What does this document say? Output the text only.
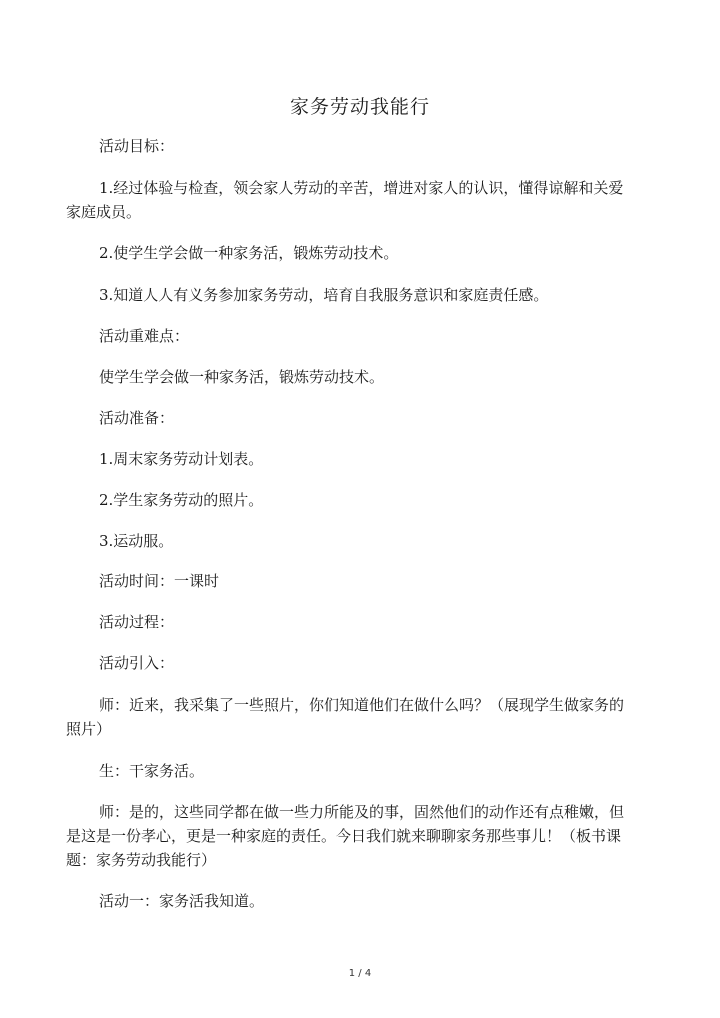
家务劳动我能行
活动目标：
1.经过体验与检查，领会家人劳动的辛苦，增进对家人的认识，懂得谅解和关爱家庭成员。
2.使学生学会做一种家务活，锻炼劳动技术。
3.知道人人有义务参加家务劳动，培育自我服务意识和家庭责任感。
活动重难点：
使学生学会做一种家务活，锻炼劳动技术。
活动准备：
1.周末家务劳动计划表。
2.学生家务劳动的照片。
3.运动服。
活动时间：一课时
活动过程：
活动引入：
师：近来，我采集了一些照片，你们知道他们在做什么吗？（展现学生做家务的照片）
生：干家务活。
师：是的，这些同学都在做一些力所能及的事，固然他们的动作还有点稚嫩，但是这是一份孝心，更是一种家庭的责任。今日我们就来聊聊家务那些事儿！（板书课题：家务劳动我能行）
活动一：家务活我知道。
1 / 4
